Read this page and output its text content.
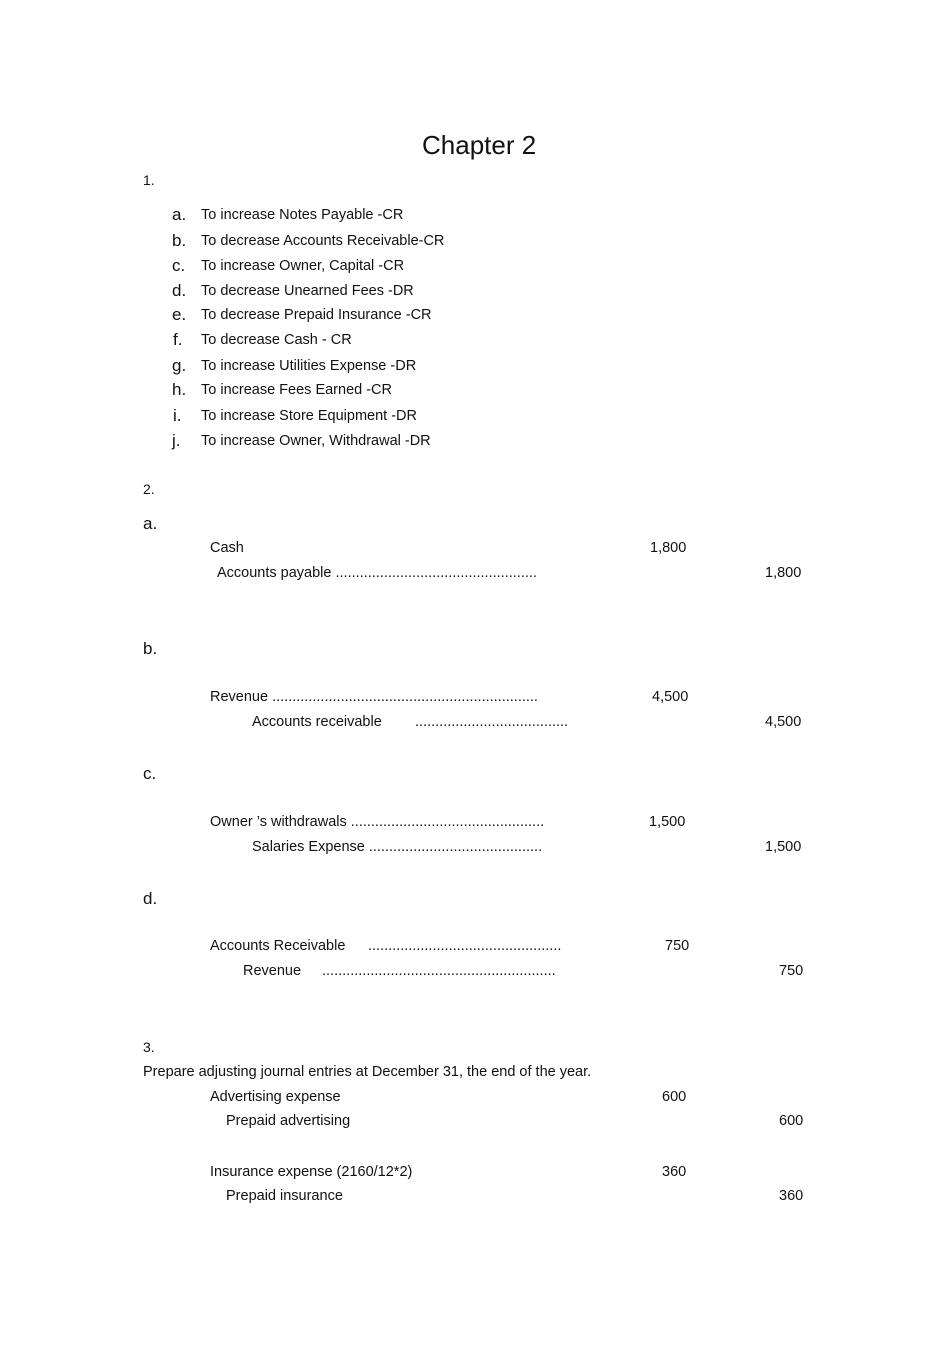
Chapter 2
1.
a. To increase Notes Payable -CR
b. To decrease Accounts Receivable-CR
c. To increase Owner, Capital -CR
d. To decrease Unearned Fees -DR
e. To decrease Prepaid Insurance -CR
f. To decrease Cash - CR
g. To increase Utilities Expense -DR
h. To increase Fees Earned -CR
i. To increase Store Equipment -DR
j. To increase Owner, Withdrawal -DR
2.
a.
Cash	1,800
Accounts payable ..................................................	1,800
b.
Revenue ..................................................................	4,500
Accounts receivable ......................................	4,500
c.
Owner ’s withdrawals ................................................	1,500
Salaries Expense ...........................................	1,500
d.
Accounts Receivable ................................................	750
Revenue ..........................................................	750
3.
Prepare adjusting journal entries at December 31, the end of the year.
Advertising expense	600
Prepaid advertising	600
Insurance expense (2160/12*2)	360
Prepaid insurance	360
